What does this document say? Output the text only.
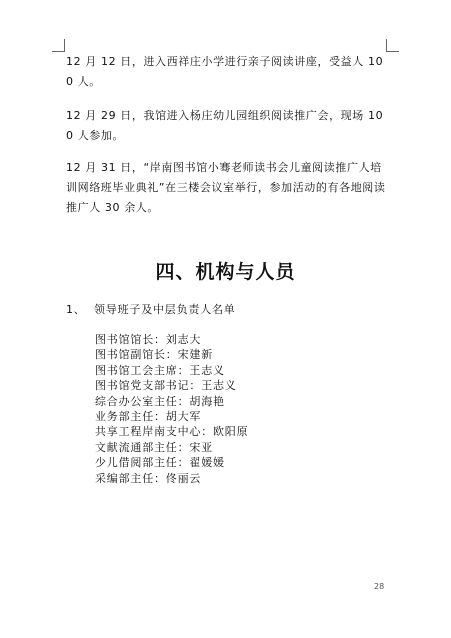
12 月 12 日，进入西祥庄小学进行亲子阅读讲座，受益人 100 人。

12 月 29 日，我馆进入杨庄幼儿园组织阅读推广会，现场 100 人参加。

12 月 31 日，“岸南图书馆小骞老师读书会儿童阅读推广人培训网络班毕业典礼”在三楼会议室举行，参加活动的有各地阅读推广人 30 余人。

四、机构与人员
1、 领导班子及中层负责人名单
图书馆馆长：刘志大
图书馆副馆长：宋建新
图书馆工会主席：王志义
图书馆党支部书记：王志义
综合办公室主任：胡海艳
业务部主任：胡大军
共享工程岸南支中心：欧阳原
文献流通部主任：宋亚
少儿借阅部主任：翟媛媛
采编部主任：佟丽云
28
